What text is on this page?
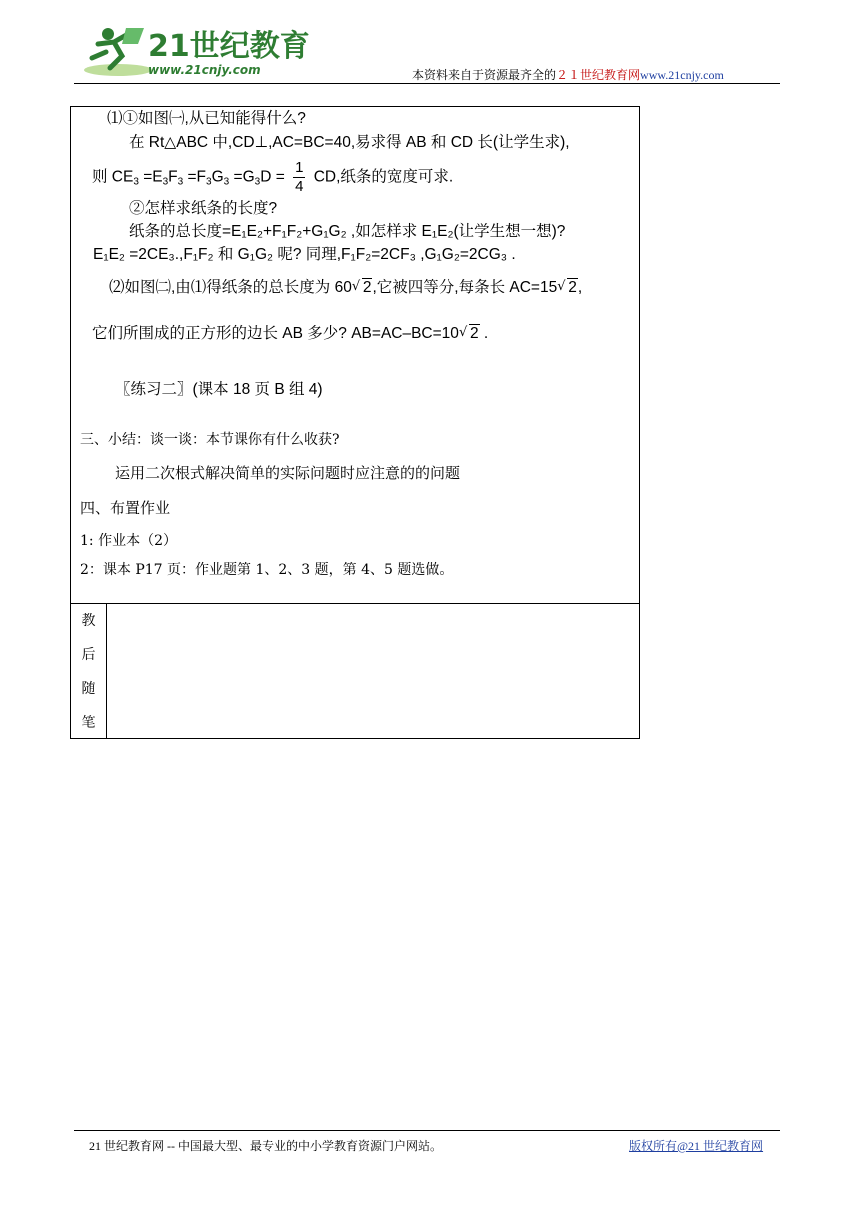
21世纪教育
www.21cnjy.com	本资料来自于资源最齐全的２１世纪教育网www.21cnjy.com
⑴①如图㈠,从已知能得什么?
在 Rt△ABC 中,CD⊥,AC=BC=40,易求得 AB 和 CD 长(让学生求),
则 $CE_3 =E_3F_3 =F_3G_3 =G_3D = \frac{1}{4}$ CD,纸条的宽度可求.
②怎样求纸条的长度?
纸条的总长度=E₁E₂+F₁F₂+G₁G₂ ,如怎样求 E₁E₂(让学生想一想)?
E₁E₂ =2CE₃.,F₁F₂ 和 G₁G₂ 呢? 同理,F₁F₂=2CF₃ ,G₁G₂=2CG₃ .
⑵如图㈡,由⑴得纸条的总长度为 60 √ 2,它被四等分,每条长 AC=15 √ 2,
它们所围成的正方形的边长 AB 多少? AB=AC–BC=10 √ 2 .
〖练习二〗(课本 18 页 B 组 4)
三、小结：谈一谈：本节课你有什么收获?
运用二次根式解决简单的实际问题时应注意的的问题
四、布置作业
1: 作业本（2）
2：课本 P17 页：作业题第 1、2、3 题，第 4、5 题选做。
教
后
随
笔
21 世纪教育网 -- 中国最大型、最专业的中小学教育资源门户网站。	版权所有@21 世纪教育网
